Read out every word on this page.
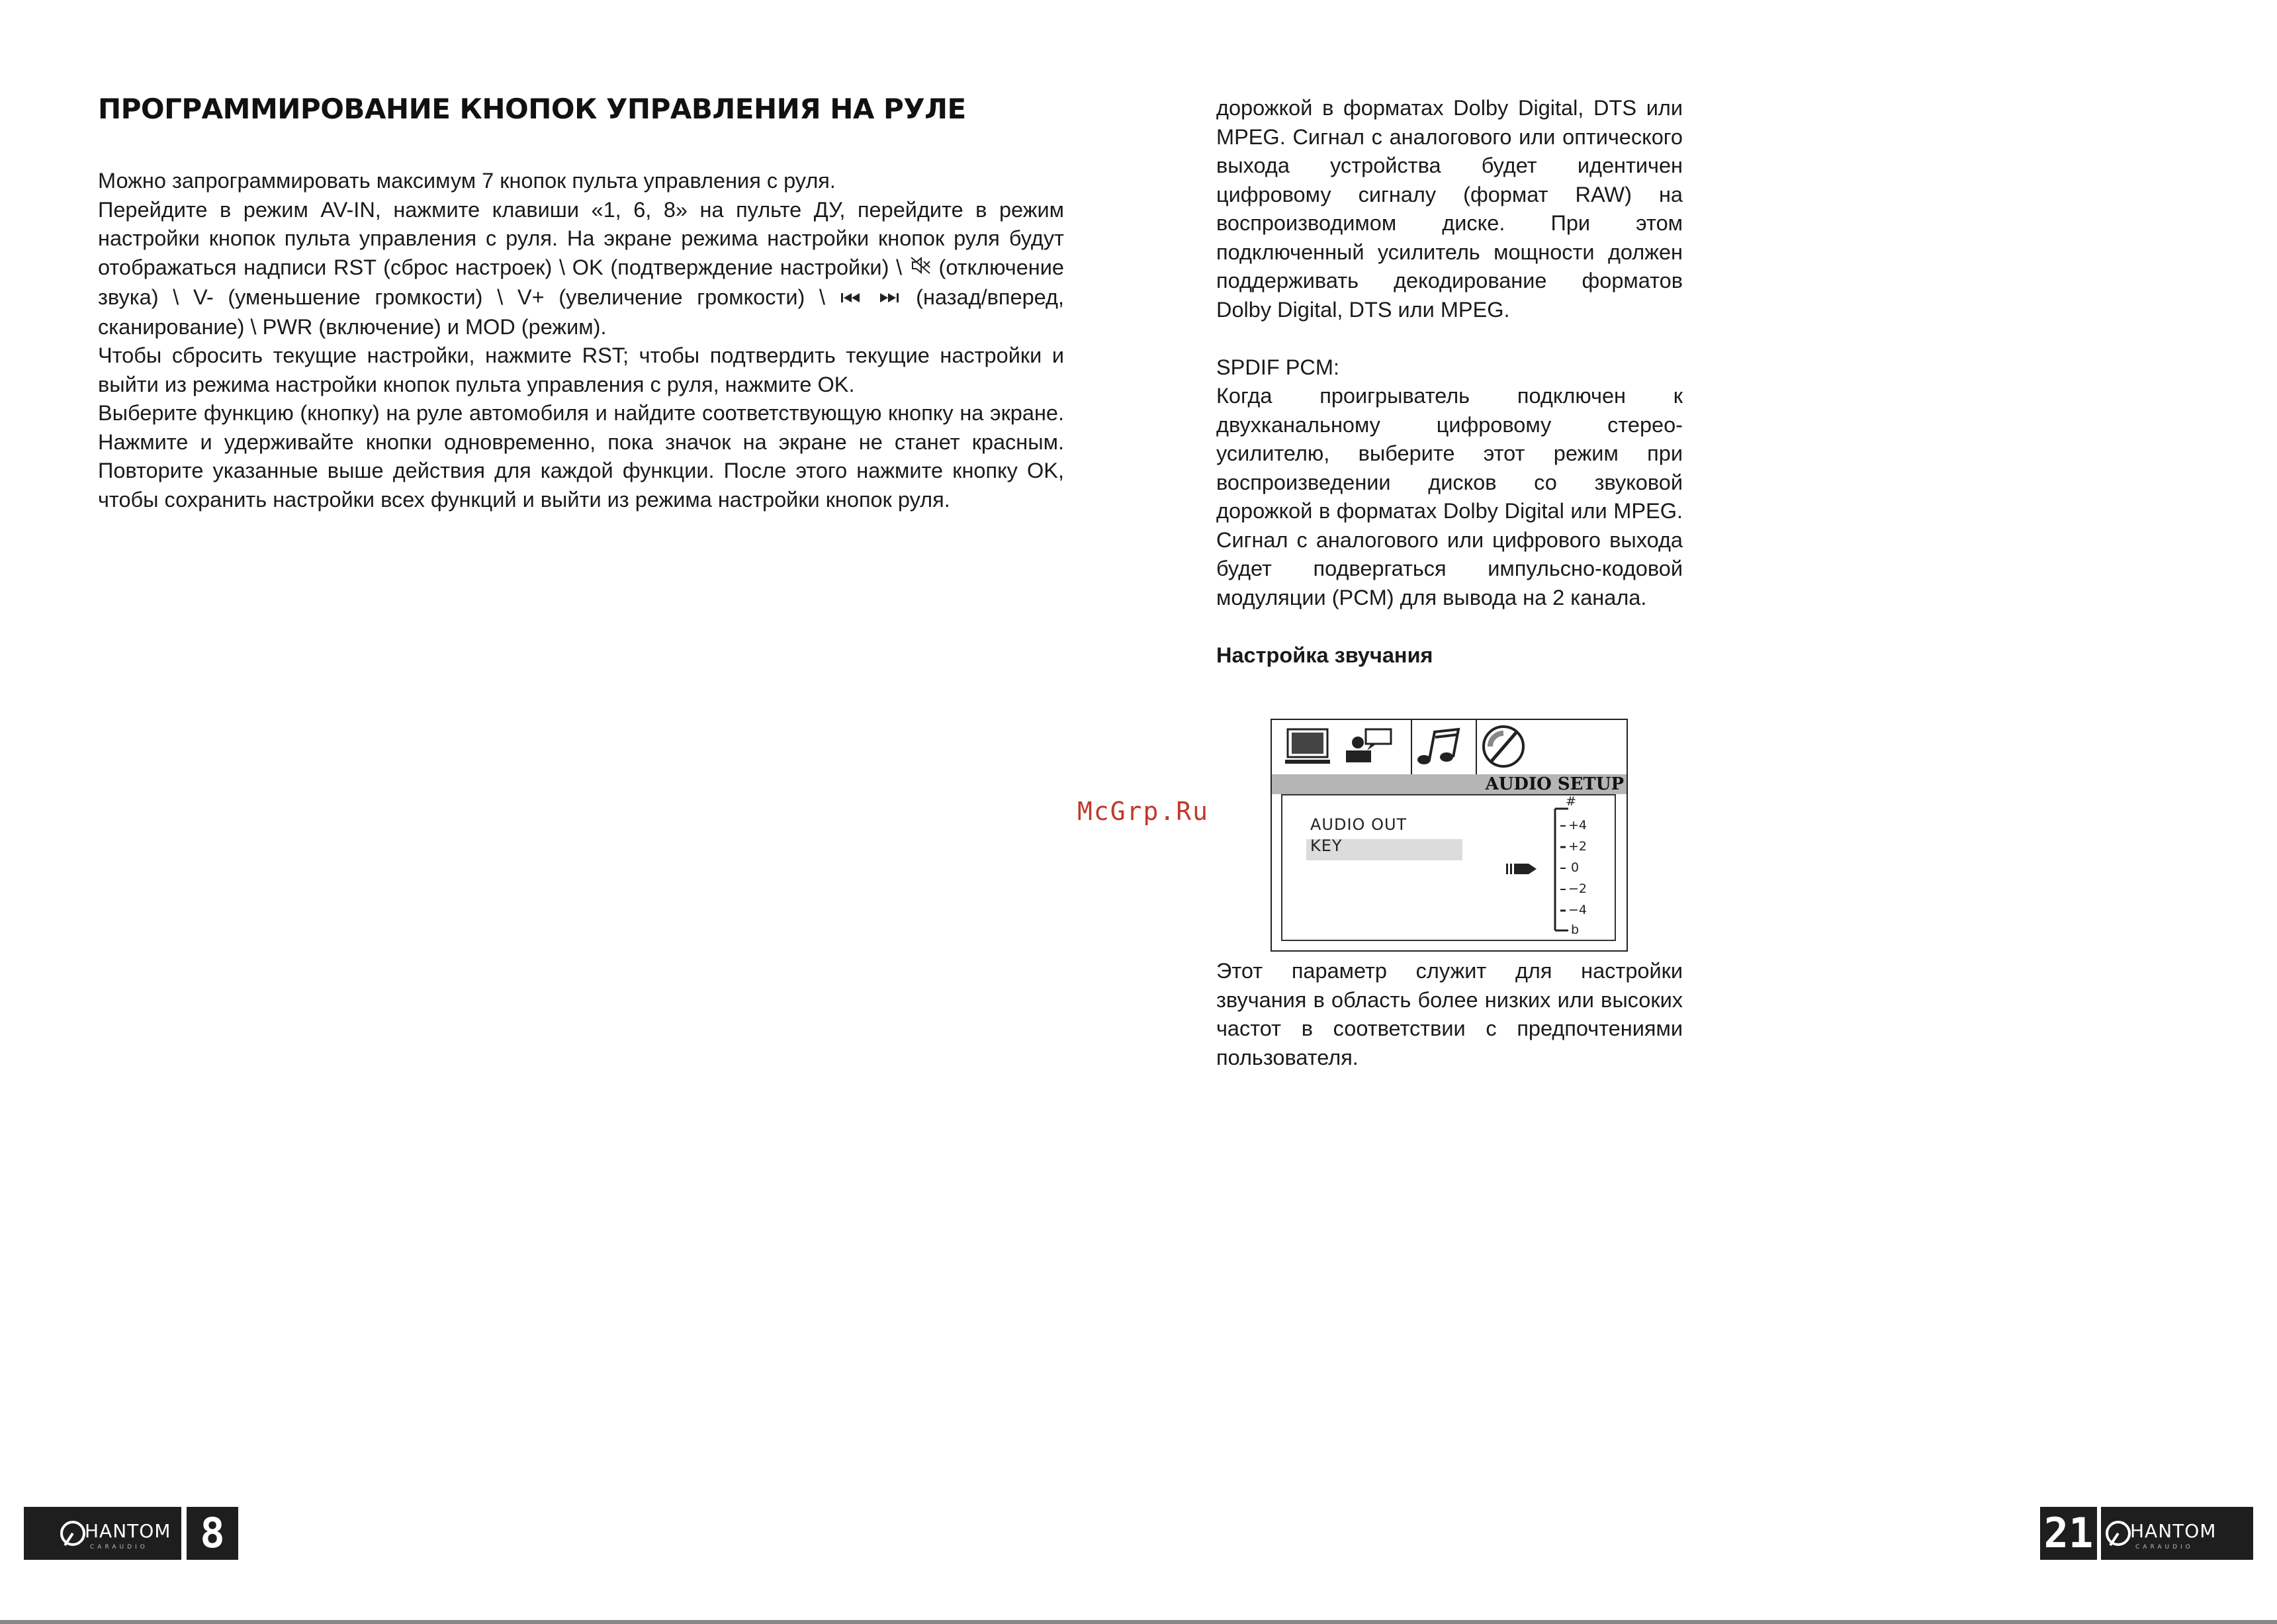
ПРОГРАММИРОВАНИЕ КНОПОК УПРАВЛЕНИЯ НА РУЛЕ

Можно запрограммировать максимум 7 кнопок пульта управления с руля.

Перейдите в режим AV-IN, нажмите клавиши «1, 6, 8» на пульте ДУ, перейдите в режим настройки кнопок пульта управления с руля. На экране режима настройки кнопок руля будут отображаться надписи RST (сброс настроек) \ OK (подтверждение настройки) \  (отключение звука) \ V- (уменьшение громкости) \ V+ (увеличение громкости) \	(назад/вперед, сканирование) \ PWR (включение) и MOD (режим).

Чтобы сбросить текущие настройки, нажмите RST; чтобы подтвердить текущие настройки и выйти из режима настройки кнопок пульта управления с руля, нажмите OK.

Выберите функцию (кнопку) на руле автомобиля и найдите соответствующую кнопку на экране. Нажмите и удерживайте кнопки одновременно, пока значок на экране не станет красным. Повторите указанные выше действия для каждой функции. После этого нажмите кнопку OK, чтобы сохранить настройки всех функций и выйти из режима настройки кнопок руля.

дорожкой в форматах Dolby Digital, DTS или MPEG. Сигнал с аналогового или оптического выхода устройства будет идентичен цифровому сигналу (формат RAW) на воспроизводимом диске. При этом подключенный усилитель мощности должен поддерживать декодирование форматов Dolby Digital, DTS или MPEG.

SPDIF PCM:

Когда проигрыватель подключен к двухканальному цифровому стерео-усилителю, выберите этот режим при воспроизведении дисков со звуковой дорожкой в форматах Dolby Digital или MPEG. Сигнал с аналогового или цифрового выхода будет подвергаться импульсно-кодовой модуляции (PCM) для вывода на 2 канала.

Настройка звучания

Этот параметр служит для настройки звучания в область более низких или высоких частот в соответствии с предпочтениями пользователя.

AUDIO SETUP
AUDIO OUT
KEY
#
+4
+2
0
−2
−4
b
McGrp.Ru
HANTOM
CARAUDIO	8	21 HANTOM
CARAUDIO
